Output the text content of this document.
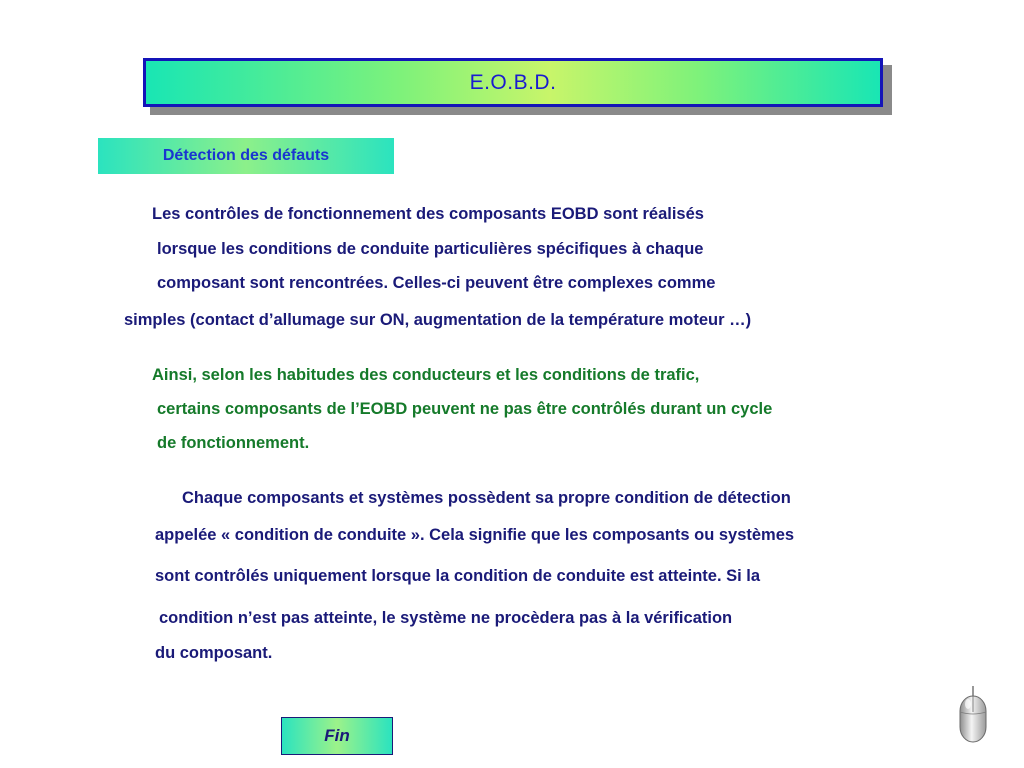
E.O.B.D.
Détection des défauts
Les contrôles de fonctionnement des composants EOBD sont réalisés
lorsque les conditions de conduite particulières spécifiques à chaque
composant sont rencontrées. Celles-ci peuvent être complexes comme
simples (contact d’allumage sur ON, augmentation de la température moteur …)
Ainsi, selon les habitudes des conducteurs et les conditions de trafic,
certains composants de l’EOBD peuvent ne pas être contrôlés durant un cycle
de fonctionnement.
Chaque composants et systèmes possèdent sa propre condition de détection
appelée « condition de conduite ». Cela signifie que les composants ou systèmes
sont contrôlés uniquement lorsque la condition de conduite est atteinte. Si la
condition n’est pas atteinte, le système ne procèdera pas à la vérification
du composant.
Fin
